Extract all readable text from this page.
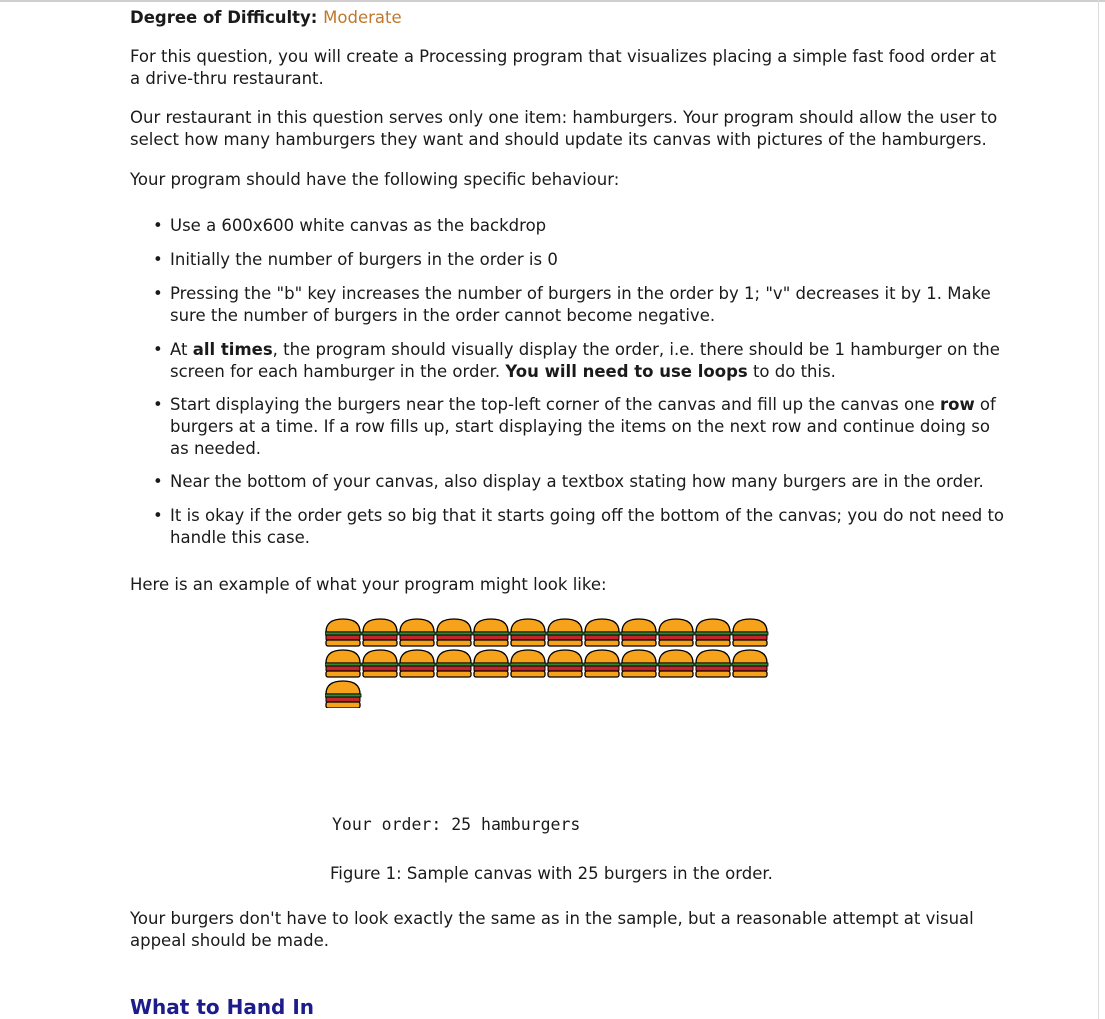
Degree of Difficulty: Moderate

For this question, you will create a Processing program that visualizes placing a simple fast food order at a drive-thru restaurant.

Our restaurant in this question serves only one item: hamburgers. Your program should allow the user to select how many hamburgers they want and should update its canvas with pictures of the hamburgers.

Your program should have the following specific behaviour:

• Use a 600x600 white canvas as the backdrop
• Initially the number of burgers in the order is 0
• Pressing the "b" key increases the number of burgers in the order by 1; "v" decreases it by 1. Make sure the number of burgers in the order cannot become negative.
• At all times, the program should visually display the order, i.e. there should be 1 hamburger on the screen for each hamburger in the order. You will need to use loops to do this.
• Start displaying the burgers near the top-left corner of the canvas and fill up the canvas one row of burgers at a time. If a row fills up, start displaying the items on the next row and continue doing so as needed.
• Near the bottom of your canvas, also display a textbox stating how many burgers are in the order.
• It is okay if the order gets so big that it starts going off the bottom of the canvas; you do not need to handle this case.

Here is an example of what your program might look like:

Your order: 25 hamburgers
Figure 1: Sample canvas with 25 burgers in the order.

Your burgers don't have to look exactly the same as in the sample, but a reasonable attempt at visual appeal should be made.

What to Hand In
